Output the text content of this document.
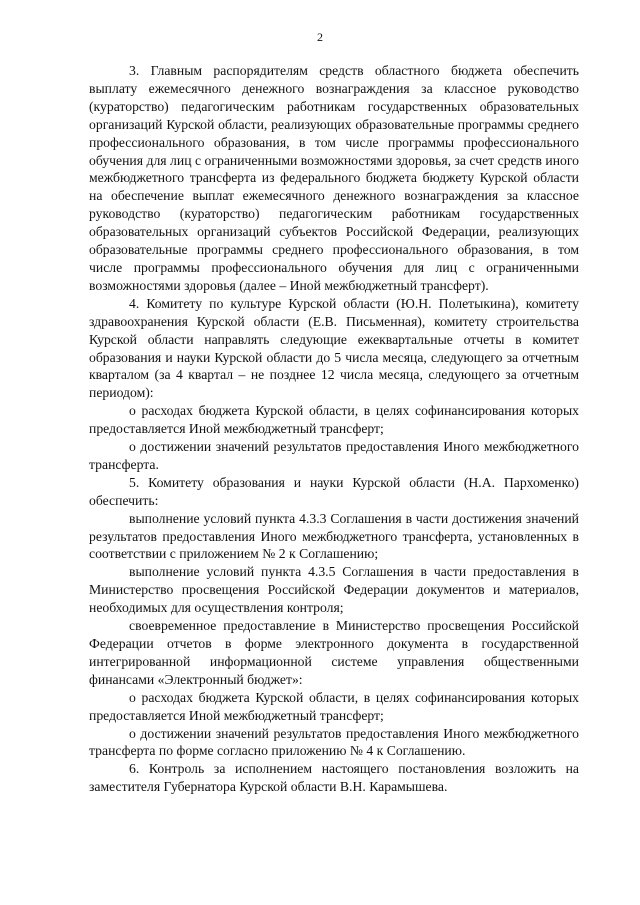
2

3. Главным распорядителям средств областного бюджета обеспечить выплату ежемесячного денежного вознаграждения за классное руководство (кураторство) педагогическим работникам государственных образовательных организаций Курской области, реализующих образовательные программы среднего профессионального образования, в том числе программы профессионального обучения для лиц с ограниченными возможностями здоровья, за счет средств иного межбюджетного трансферта из федерального бюджета бюджету Курской области на обеспечение выплат ежемесячного денежного вознаграждения за классное руководство (кураторство) педагогическим работникам государственных образовательных организаций субъектов Российской Федерации, реализующих образовательные программы среднего профессионального образования, в том числе программы профессионального обучения для лиц с ограниченными возможностями здоровья (далее – Иной межбюджетный трансферт).

4. Комитету по культуре Курской области (Ю.Н. Полетыкина), комитету здравоохранения Курской области (Е.В. Письменная), комитету строительства Курской области направлять следующие ежеквартальные отчеты в комитет образования и науки Курской области до 5 числа месяца, следующего за отчетным кварталом (за 4 квартал – не позднее 12 числа месяца, следующего за отчетным периодом):

о расходах бюджета Курской области, в целях софинансирования которых предоставляется Иной межбюджетный трансферт;

о достижении значений результатов предоставления Иного межбюджетного трансферта.

5. Комитету образования и науки Курской области (Н.А. Пархоменко) обеспечить:

выполнение условий пункта 4.3.3 Соглашения в части достижения значений результатов предоставления Иного межбюджетного трансферта, установленных в соответствии с приложением № 2 к Соглашению;

выполнение условий пункта 4.3.5 Соглашения в части предоставления в Министерство просвещения Российской Федерации документов и материалов, необходимых для осуществления контроля;

своевременное предоставление в Министерство просвещения Российской Федерации отчетов в форме электронного документа в государственной интегрированной информационной системе управления общественными финансами «Электронный бюджет»:

о расходах бюджета Курской области, в целях софинансирования которых предоставляется Иной межбюджетный трансферт;

о достижении значений результатов предоставления Иного межбюджетного трансферта по форме согласно приложению № 4 к Соглашению.

6. Контроль за исполнением настоящего постановления возложить на заместителя Губернатора Курской области В.Н. Карамышева.
